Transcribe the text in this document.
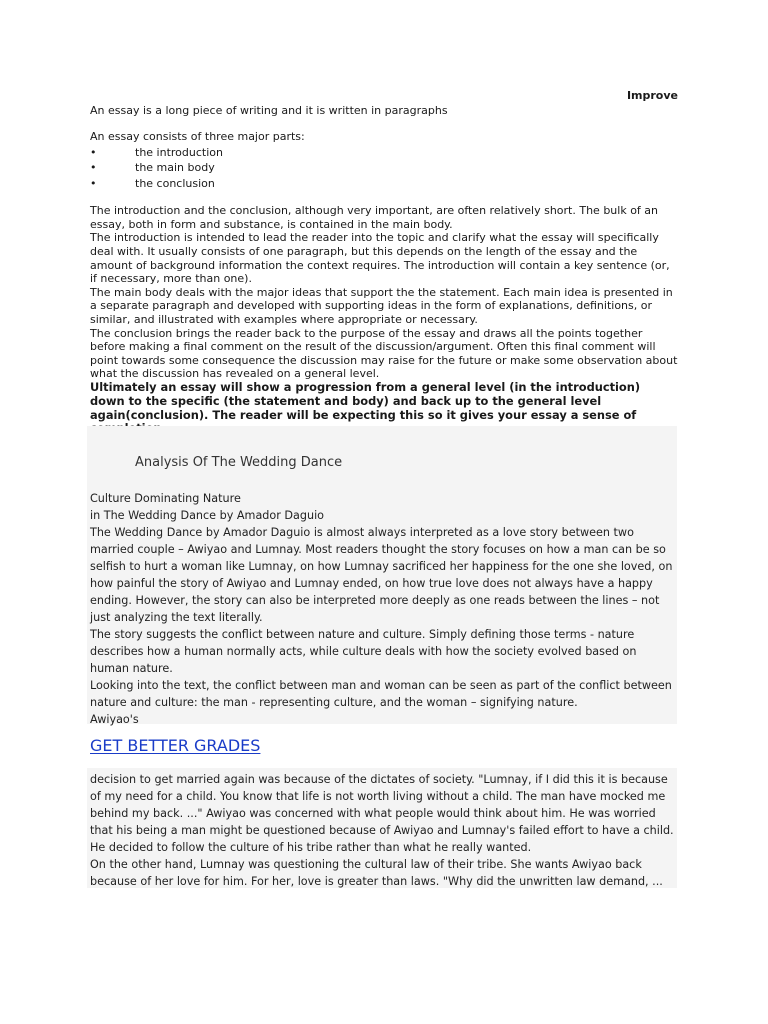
Improve

An essay is a long piece of writing and it is written in paragraphs

An essay consists of three major parts:

•	the introduction
•	the main body
•	the conclusion

The introduction and the conclusion, although very important, are often relatively short. The bulk of an essay, both in form and substance, is contained in the main body.

The introduction is intended to lead the reader into the topic and clarify what the essay will specifically deal with. It usually consists of one paragraph, but this depends on the length of the essay and the amount of background information the context requires. The introduction will contain a key sentence (or, if necessary, more than one).

The main body deals with the major ideas that support the the statement. Each main idea is presented in a separate paragraph and developed with supporting ideas in the form of explanations, definitions, or similar, and illustrated with examples where appropriate or necessary.

The conclusion brings the reader back to the purpose of the essay and draws all the points together before making a final comment on the result of the discussion/argument. Often this final comment will point towards some consequence the discussion may raise for the future or make some observation about what the discussion has revealed on a general level.

Ultimately an essay will show a progression from a general level (in the introduction) down to the specific (the statement and body) and back up to the general level again(conclusion). The reader will be expecting this so it gives your essay a sense of

Analysis Of The Wedding Dance

Culture Dominating Nature

in The Wedding Dance by Amador Daguio

The Wedding Dance by Amador Daguio is almost always interpreted as a love story between two married couple – Awiyao and Lumnay. Most readers thought the story focuses on how a man can be so selfish to hurt a woman like Lumnay, on how Lumnay sacrificed her happiness for the one she loved, on how painful the story of Awiyao and Lumnay ended, on how true love does not always have a happy ending. However, the story can also be interpreted more deeply as one reads between the lines – not just analyzing the text literally.

The story suggests the conflict between nature and culture. Simply defining those terms - nature describes how a human normally acts, while culture deals with how the society evolved based on human nature.

Looking into the text, the conflict between man and woman can be seen as part of the conflict between nature and culture: the man - representing culture, and the woman – signifying nature.

Awiyao's

GET BETTER GRADES

decision to get married again was because of the dictates of society. "Lumnay, if I did this it is because of my need for a child. You know that life is not worth living without a child. The man have mocked me behind my back. ..." Awiyao was concerned with what people would think about him. He was worried that his being a man might be questioned because of Awiyao and Lumnay's failed effort to have a child. He decided to follow the culture of his tribe rather than what he really wanted.

On the other hand, Lumnay was questioning the cultural law of their tribe. She wants Awiyao back because of her love for him. For her, love is greater than laws. "Why did the unwritten law demand, ...
